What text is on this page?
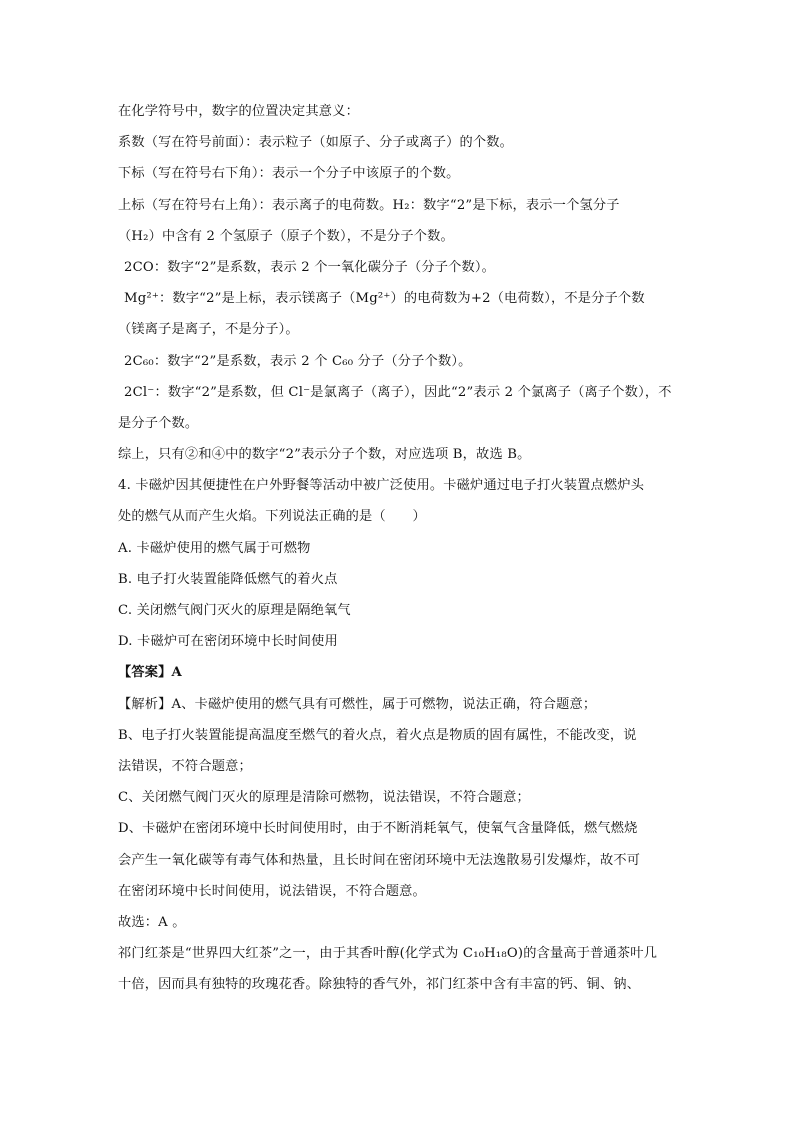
在化学符号中，数字的位置决定其意义：
系数（写在符号前面）：表示粒子（如原子、分子或离子）的个数。
下标（写在符号右下角）：表示一个分子中该原子的个数。
上标（写在符号右上角）：表示离子的电荷数。H₂：数字“2”是下标，表示一个氢分子
（H₂）中含有 2 个氢原子（原子个数），不是分子个数。
2CO：数字“2”是系数，表示 2 个一氧化碳分子（分子个数）。
Mg²⁺：数字“2”是上标，表示镁离子（Mg²⁺）的电荷数为+2（电荷数），不是分子个数
（镁离子是离子，不是分子）。
2C₆₀：数字“2”是系数，表示 2 个 C₆₀ 分子（分子个数）。
2Cl⁻：数字“2”是系数，但 Cl⁻是氯离子（离子），因此“2”表示 2 个氯离子（离子个数），不
是分子个数。
综上，只有②和④中的数字“2”表示分子个数，对应选项 B，故选 B。
4. 卡磁炉因其便捷性在户外野餐等活动中被广泛使用。卡磁炉通过电子打火装置点燃炉头
处的燃气从而产生火焰。下列说法正确的是（　　）
A. 卡磁炉使用的燃气属于可燃物
B. 电子打火装置能降低燃气的着火点
C. 关闭燃气阀门灭火的原理是隔绝氧气
D. 卡磁炉可在密闭环境中长时间使用
【答案】A
【解析】A、卡磁炉使用的燃气具有可燃性，属于可燃物，说法正确，符合题意；
B、电子打火装置能提高温度至燃气的着火点，着火点是物质的固有属性，不能改变，说
法错误，不符合题意；
C、关闭燃气阀门灭火的原理是清除可燃物，说法错误，不符合题意；
D、卡磁炉在密闭环境中长时间使用时，由于不断消耗氧气，使氧气含量降低，燃气燃烧
会产生一氧化碳等有毒气体和热量，且长时间在密闭环境中无法逸散易引发爆炸，故不可
在密闭环境中长时间使用，说法错误，不符合题意。
故选：A 。
祁门红茶是“世界四大红茶”之一，由于其香叶醇(化学式为 C₁₀H₁₈O)的含量高于普通茶叶几
十倍，因而具有独特的玫瑰花香。除独特的香气外，祁门红茶中含有丰富的钙、铜、钠、
